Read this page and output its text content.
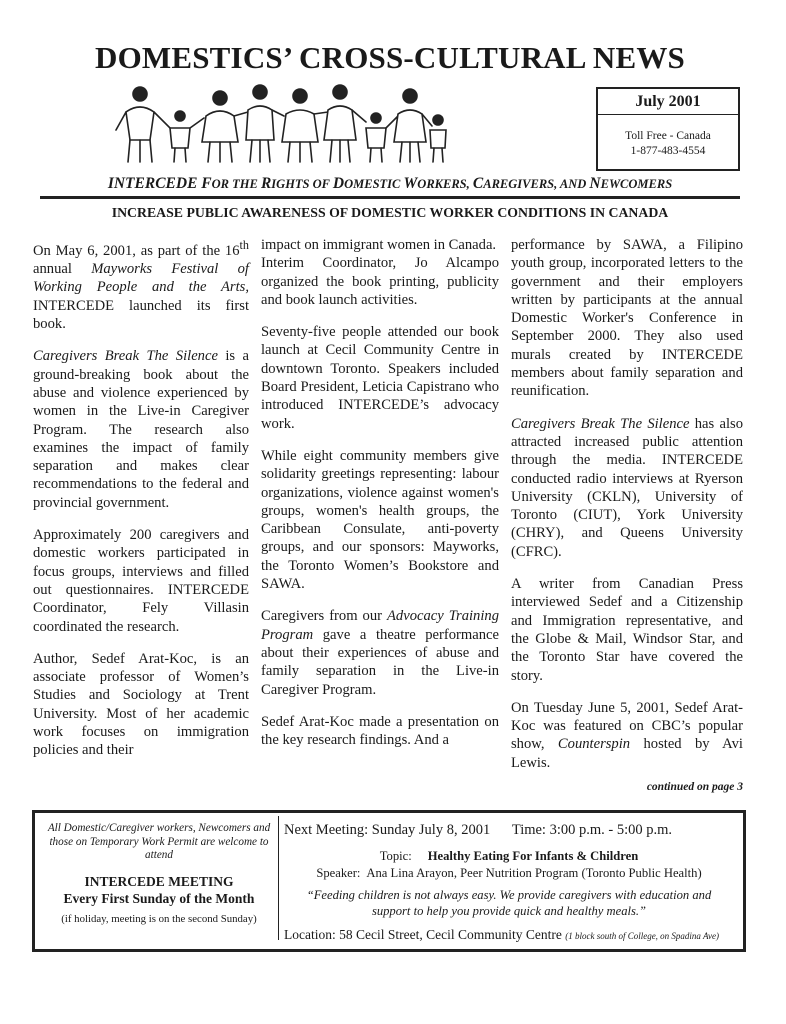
DOMESTICS’ CROSS-CULTURAL NEWS
July 2001
Toll Free - Canada
1-877-483-4554
INTERCEDE FOR THE RIGHTS OF DOMESTIC WORKERS, CAREGIVERS, AND NEWCOMERS
INCREASE PUBLIC AWARENESS OF DOMESTIC WORKER CONDITIONS IN CANADA

On May 6, 2001, as part of the 16th annual Mayworks Festival of Working People and the Arts, INTERCEDE launched its first book.

Caregivers Break The Silence is a ground-breaking book about the abuse and violence experienced by women in the Live-in Caregiver Program. The research also examines the impact of family separation and makes clear recommendations to the federal and provincial government.

Approximately 200 caregivers and domestic workers participated in focus groups, interviews and filled out questionnaires. INTERCEDE Coordinator, Fely Villasin coordinated the research.

Author, Sedef Arat-Koc, is an associate professor of Women’s Studies and Sociology at Trent University. Most of her academic work focuses on immigration policies and their

impact on immigrant women in Canada.

Interim Coordinator, Jo Alcampo organized the book printing, publicity and book launch activities.

Seventy-five people attended our book launch at Cecil Community Centre in downtown Toronto. Speakers included Board President, Leticia Capistrano who introduced INTERCEDE’s advocacy work.

While eight community members give solidarity greetings representing: labour organizations, violence against women's groups, women's health groups, the Caribbean Consulate, anti-poverty groups, and our sponsors: Mayworks, the Toronto Women’s Bookstore and SAWA.

Caregivers from our Advocacy Training Program gave a theatre performance about their experiences of abuse and family separation in the Live-in Caregiver Program.

Sedef Arat-Koc made a presentation on the key research findings. And a

performance by SAWA, a Filipino youth group, incorporated letters to the government and their employers written by participants at the annual Domestic Worker's Conference in September 2000. They also used murals created by INTERCEDE members about family separation and reunification.

Caregivers Break The Silence has also attracted increased public attention through the media. INTERCEDE conducted radio interviews at Ryerson University (CKLN), University of Toronto (CIUT), York University (CHRY), and Queens University (CFRC).

A writer from Canadian Press interviewed Sedef and a Citizenship and Immigration representative, and the Globe & Mail, Windsor Star, and the Toronto Star have covered the story.

On Tuesday June 5, 2001, Sedef Arat-Koc was featured on CBC’s popular show, Counterspin hosted by Avi Lewis.

continued on page 3
All Domestic/Caregiver workers, Newcomers and those on Temporary Work Permit are welcome to attend
INTERCEDE MEETING
Every First Sunday of the Month
(if holiday, meeting is on the second Sunday)
Next Meeting: Sunday July 8, 2001 Time: 3:00 p.m. - 5:00 p.m.
Topic: Healthy Eating For Infants & Children
Speaker: Ana Lina Arayon, Peer Nutrition Program (Toronto Public Health)
“Feeding children is not always easy. We provide caregivers with education and support to help you provide quick and healthy meals.”
Location: 58 Cecil Street, Cecil Community Centre (1 block south of College, on Spadina Ave)
